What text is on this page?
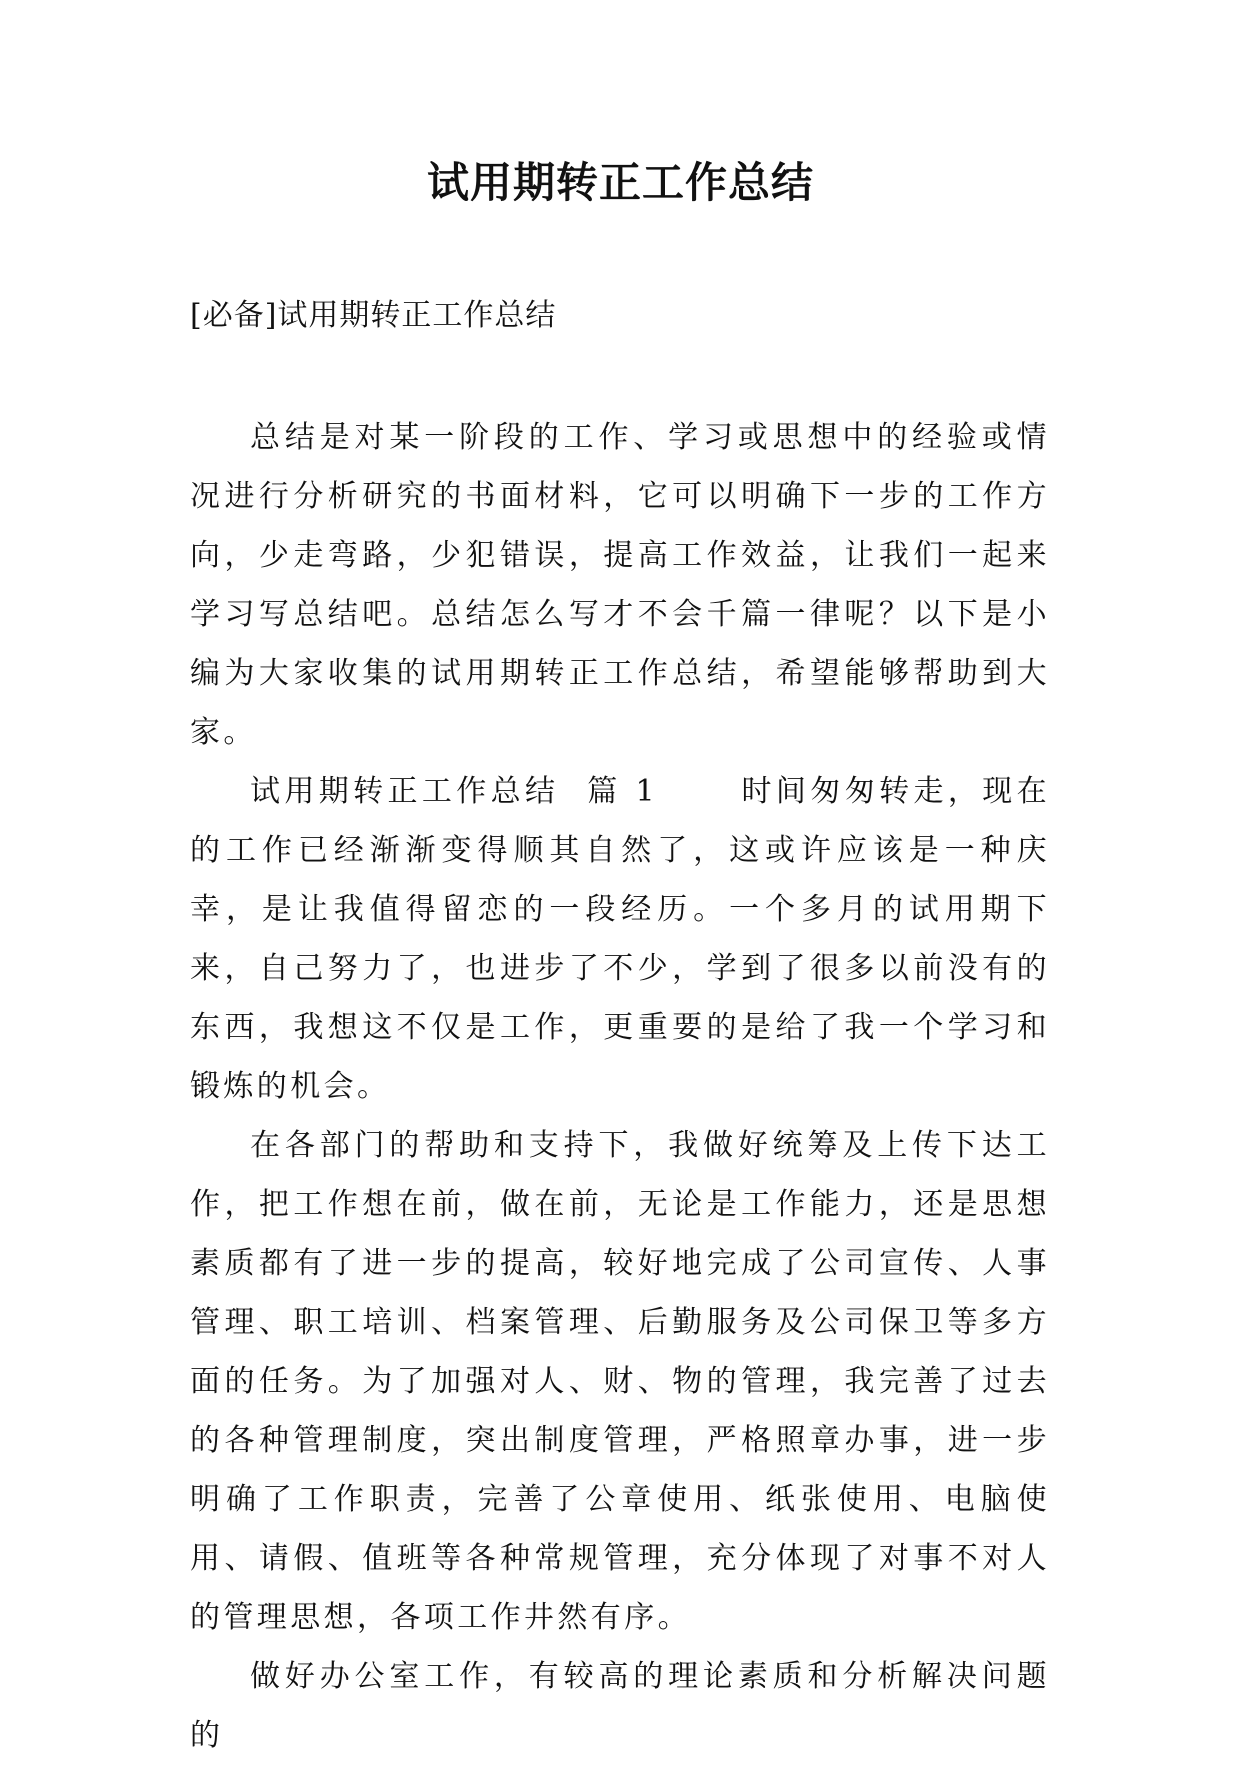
试用期转正工作总结

[必备]试用期转正工作总结

总结是对某一阶段的工作、学习或思想中的经验或情况进行分析研究的书面材料，它可以明确下一步的工作方向，少走弯路，少犯错误，提高工作效益，让我们一起来学习写总结吧。总结怎么写才不会千篇一律呢？以下是小编为大家收集的试用期转正工作总结，希望能够帮助到大家。

试用期转正工作总结  篇 1	时间匆匆转走，现在的工作已经渐渐变得顺其自然了，这或许应该是一种庆幸，是让我值得留恋的一段经历。一个多月的试用期下来，自己努力了，也进步了不少，学到了很多以前没有的东西，我想这不仅是工作，更重要的是给了我一个学习和锻炼的机会。

在各部门的帮助和支持下，我做好统筹及上传下达工作，把工作想在前，做在前，无论是工作能力，还是思想素质都有了进一步的提高，较好地完成了公司宣传、人事管理、职工培训、档案管理、后勤服务及公司保卫等多方面的任务。为了加强对人、财、物的管理，我完善了过去的各种管理制度，突出制度管理，严格照章办事，进一步明确了工作职责，完善了公章使用、纸张使用、电脑使用、请假、值班等各种常规管理，充分体现了对事不对人的管理思想，各项工作井然有序。

做好办公室工作，有较高的理论素质和分析解决问题的
